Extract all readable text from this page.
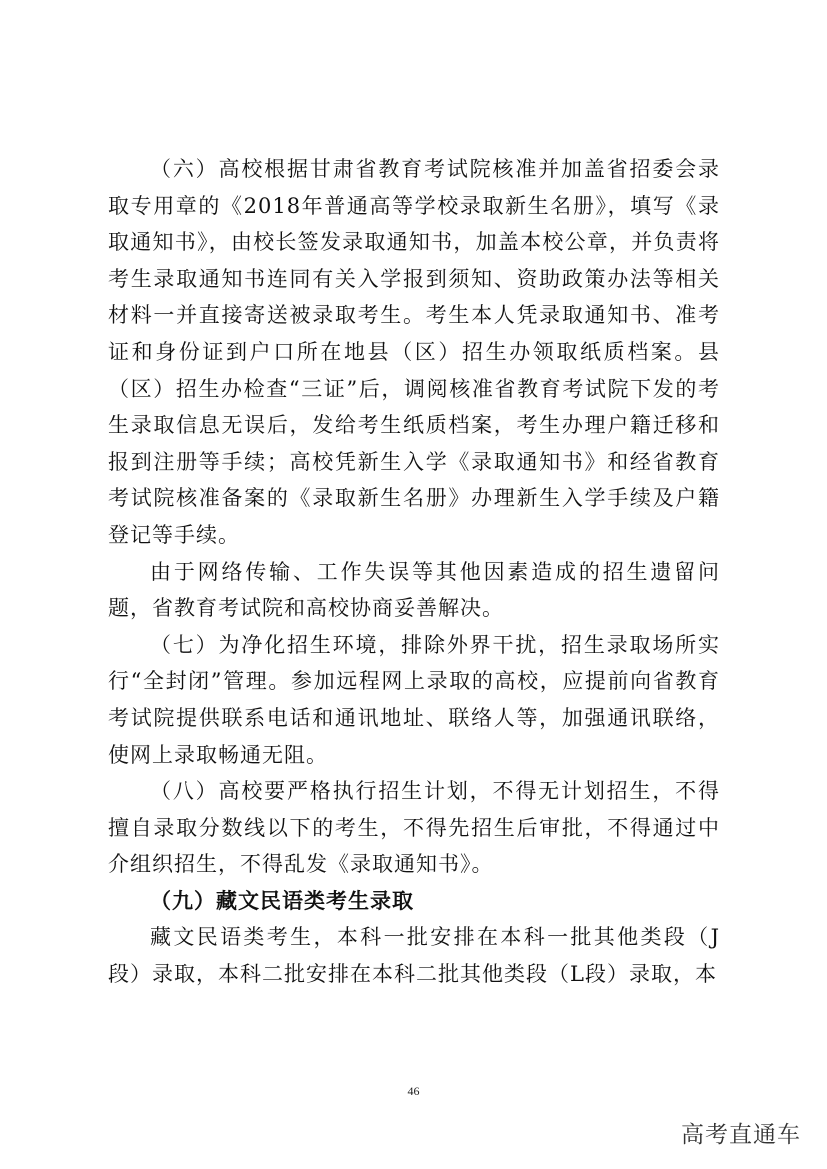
（六）高校根据甘肃省教育考试院核准并加盖省招委会录取专用章的《2018年普通高等学校录取新生名册》，填写《录取通知书》，由校长签发录取通知书，加盖本校公章，并负责将考生录取通知书连同有关入学报到须知、资助政策办法等相关材料一并直接寄送被录取考生。考生本人凭录取通知书、准考证和身份证到户口所在地县（区）招生办领取纸质档案。县（区）招生办检查“三证”后，调阅核准省教育考试院下发的考生录取信息无误后，发给考生纸质档案，考生办理户籍迁移和报到注册等手续；高校凭新生入学《录取通知书》和经省教育考试院核准备案的《录取新生名册》办理新生入学手续及户籍登记等手续。

由于网络传输、工作失误等其他因素造成的招生遗留问题，省教育考试院和高校协商妥善解决。

（七）为净化招生环境，排除外界干扰，招生录取场所实行“全封闭”管理。参加远程网上录取的高校，应提前向省教育考试院提供联系电话和通讯地址、联络人等，加强通讯联络，使网上录取畅通无阻。

（八）高校要严格执行招生计划，不得无计划招生，不得擅自录取分数线以下的考生，不得先招生后审批，不得通过中介组织招生，不得乱发《录取通知书》。

（九）藏文民语类考生录取

藏文民语类考生，本科一批安排在本科一批其他类段（J段）录取，本科二批安排在本科二批其他类段（L段）录取，本

46
高考直通车
